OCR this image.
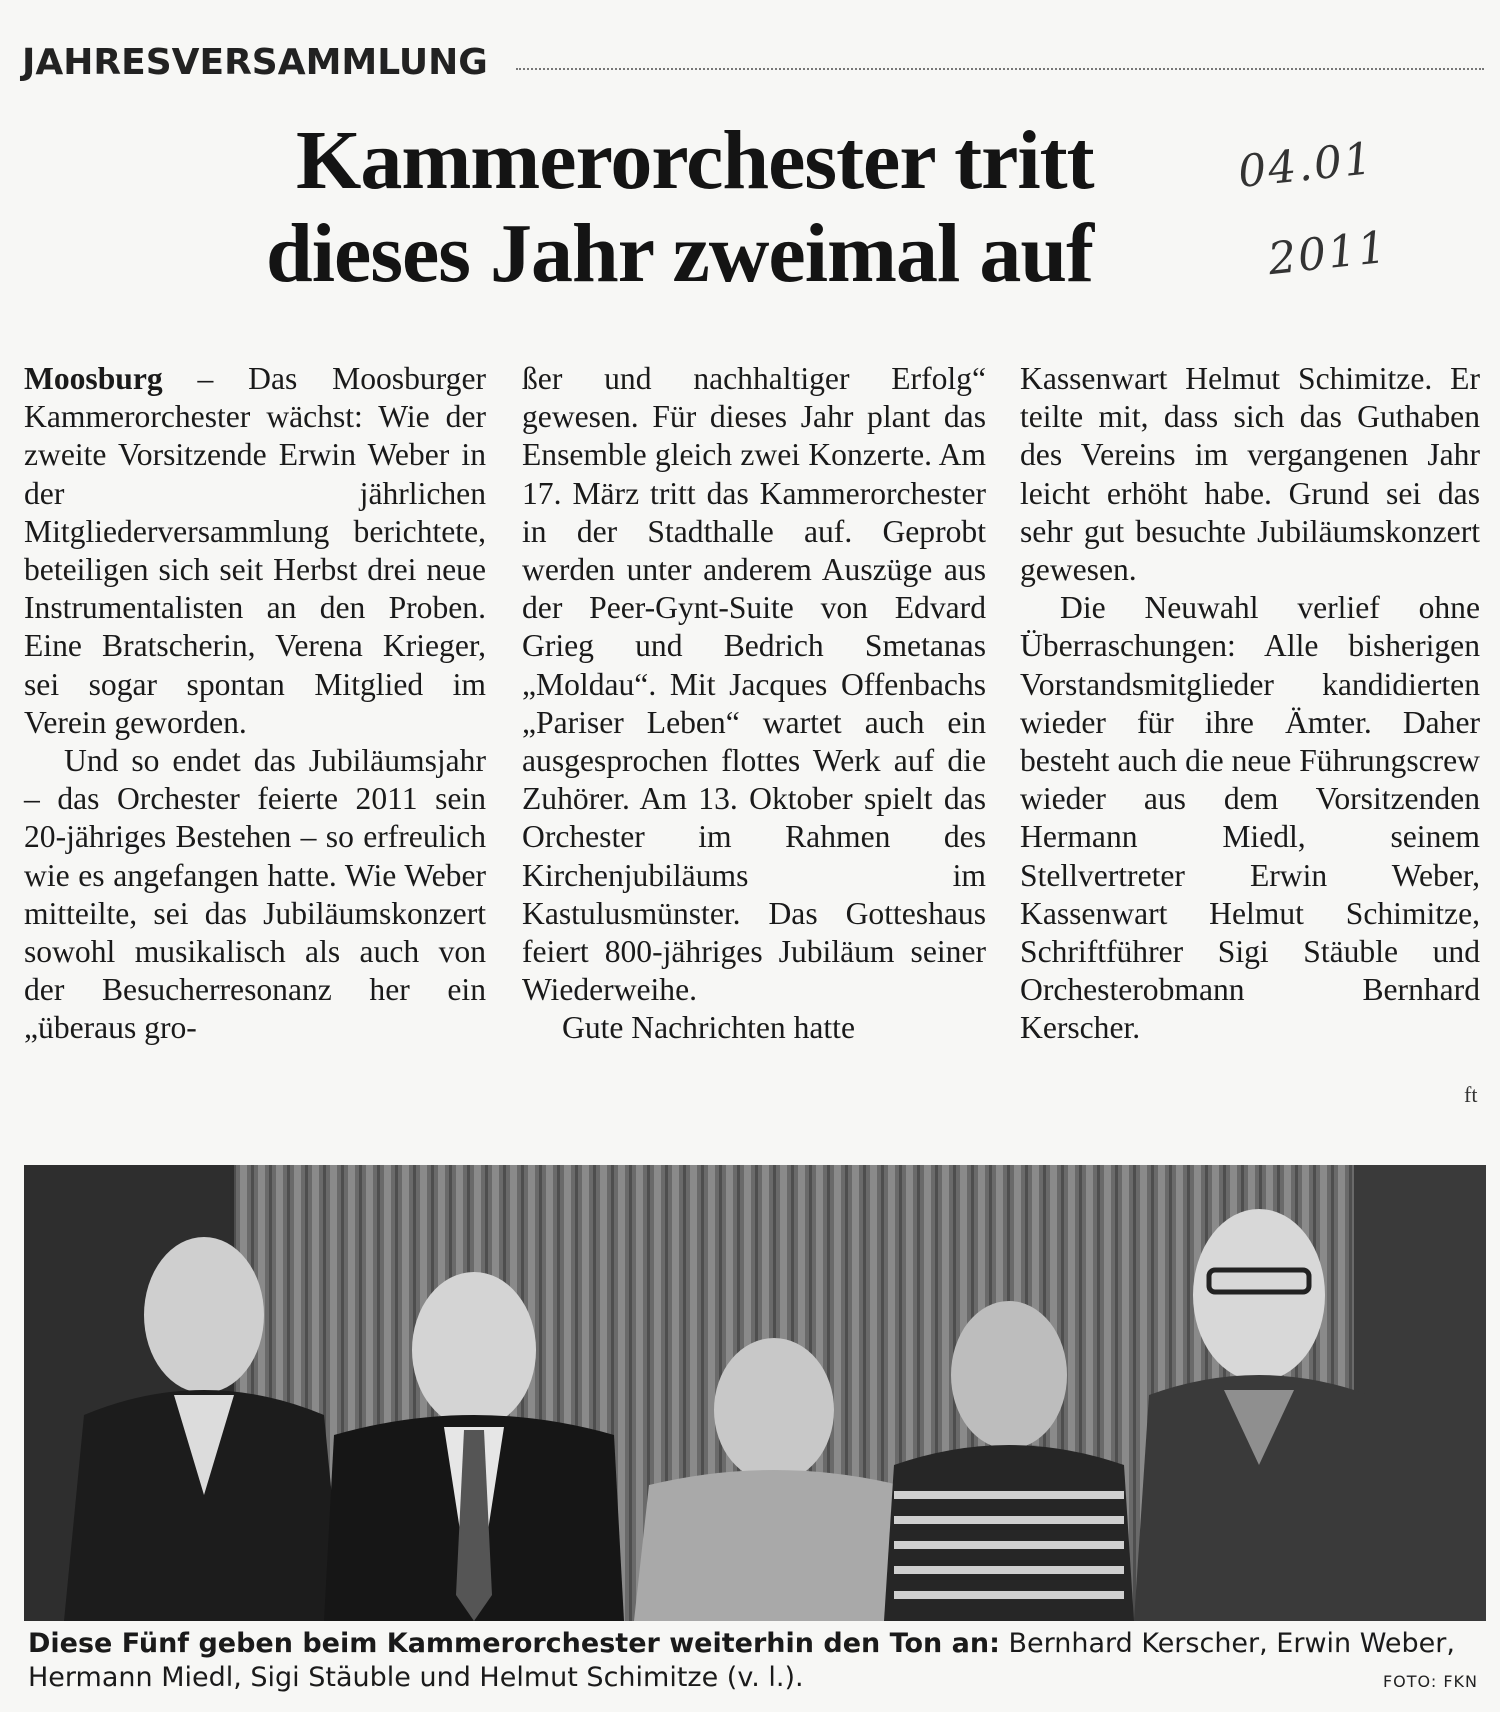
JAHRESVERSAMMLUNG
Kammerorchester tritt
dieses Jahr zweimal auf
04.01
2011

Moosburg – Das Moosburger Kammerorchester wächst: Wie der zweite Vorsitzende Erwin Weber in der jährlichen Mitgliederversammlung berichtete, beteiligen sich seit Herbst drei neue Instrumentalisten an den Proben. Eine Bratscherin, Verena Krieger, sei sogar spontan Mitglied im Verein geworden.

Und so endet das Jubiläumsjahr – das Orchester feierte 2011 sein 20-jähriges Bestehen – so erfreulich wie es angefangen hatte. Wie Weber mitteilte, sei das Jubiläumskonzert sowohl musikalisch als auch von der Besucherresonanz her ein „überaus gro-

ßer und nachhaltiger Erfolg“ gewesen. Für dieses Jahr plant das Ensemble gleich zwei Konzerte. Am 17. März tritt das Kammerorchester in der Stadthalle auf. Geprobt werden unter anderem Auszüge aus der Peer-Gynt-Suite von Edvard Grieg und Bedrich Smetanas „Moldau“. Mit Jacques Offenbachs „Pariser Leben“ wartet auch ein ausgesprochen flottes Werk auf die Zuhörer. Am 13. Oktober spielt das Orchester im Rahmen des Kirchenjubiläums im Kastulusmünster. Das Gotteshaus feiert 800-jähriges Jubiläum seiner Wiederweihe.

Gute Nachrichten hatte

Kassenwart Helmut Schimitze. Er teilte mit, dass sich das Guthaben des Vereins im vergangenen Jahr leicht erhöht habe. Grund sei das sehr gut besuchte Jubiläumskonzert gewesen.

Die Neuwahl verlief ohne Überraschungen: Alle bisherigen Vorstandsmitglieder kandidierten wieder für ihre Ämter. Daher besteht auch die neue Führungscrew wieder aus dem Vorsitzenden Hermann Miedl, seinem Stellvertreter Erwin Weber, Kassenwart Helmut Schimitze, Schriftführer Sigi Stäuble und Orchesterobmann Bernhard Kerscher.

ft
Diese Fünf geben beim Kammerorchester weiterhin den Ton an: Bernhard Kerscher, Erwin Weber, Hermann Miedl, Sigi Stäuble und Helmut Schimitze (v. l.).	FOTO: FKN
